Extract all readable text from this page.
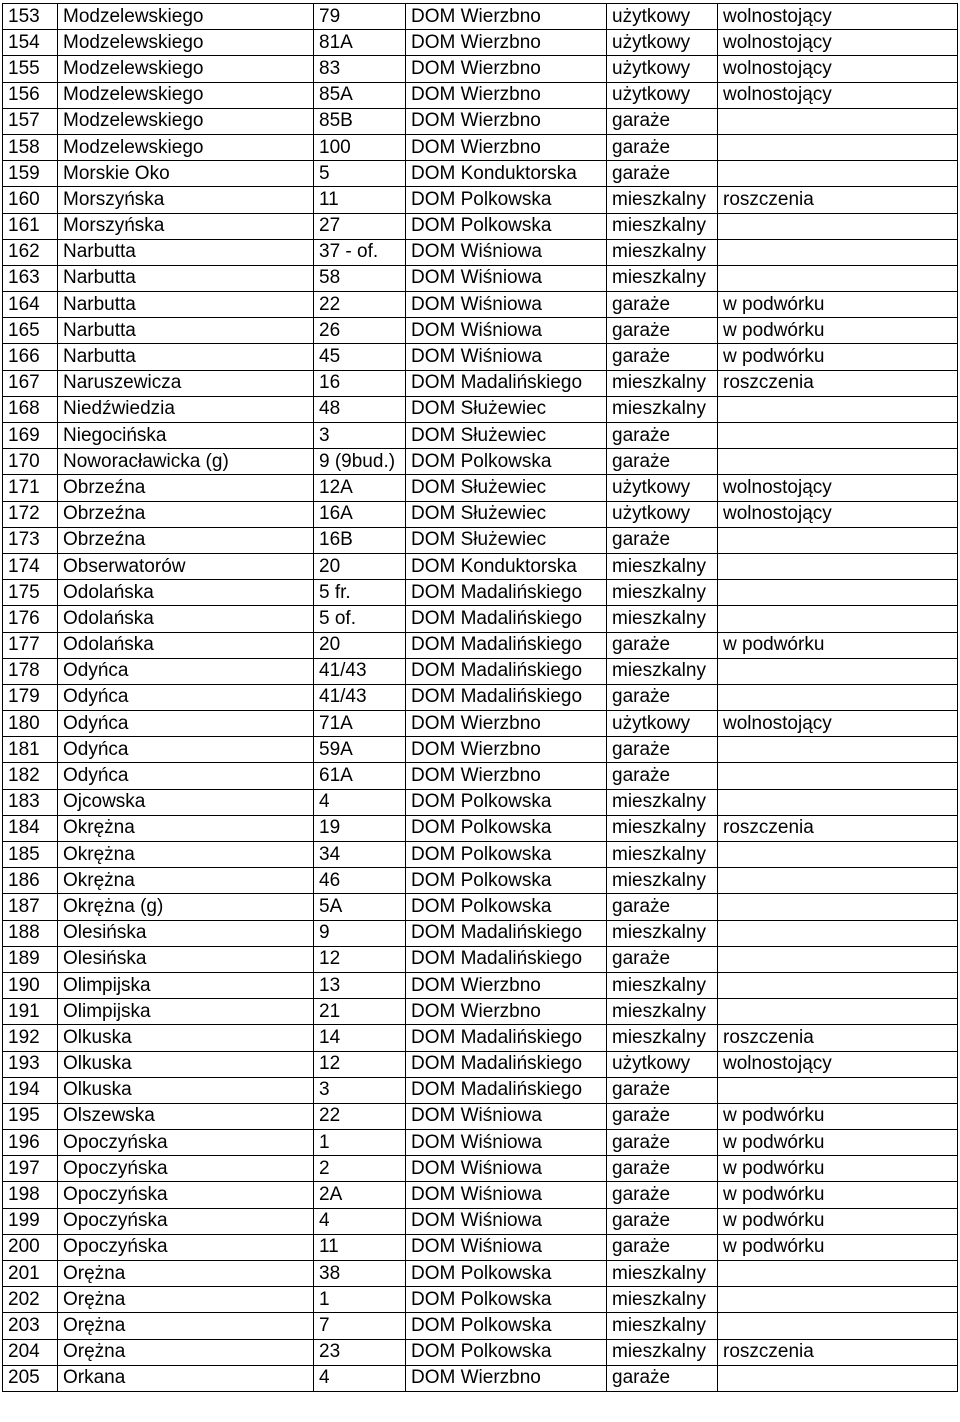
153	Modzelewskiego	79	DOM Wierzbno	użytkowy	wolnostojący
154	Modzelewskiego	81A	DOM Wierzbno	użytkowy	wolnostojący
155	Modzelewskiego	83	DOM Wierzbno	użytkowy	wolnostojący
156	Modzelewskiego	85A	DOM Wierzbno	użytkowy	wolnostojący
157	Modzelewskiego	85B	DOM Wierzbno	garaże	
158	Modzelewskiego	100	DOM Wierzbno	garaże	
159	Morskie Oko	5	DOM Konduktorska	garaże	
160	Morszyńska	11	DOM Polkowska	mieszkalny	roszczenia
161	Morszyńska	27	DOM Polkowska	mieszkalny	
162	Narbutta	37 - of.	DOM Wiśniowa	mieszkalny	
163	Narbutta	58	DOM Wiśniowa	mieszkalny	
164	Narbutta	22	DOM Wiśniowa	garaże	w podwórku
165	Narbutta	26	DOM Wiśniowa	garaże	w podwórku
166	Narbutta	45	DOM Wiśniowa	garaże	w podwórku
167	Naruszewicza	16	DOM Madalińskiego	mieszkalny	roszczenia
168	Niedźwiedzia	48	DOM Służewiec	mieszkalny	
169	Niegocińska	3	DOM Służewiec	garaże	
170	Noworacławicka (g)	9 (9bud.)	DOM Polkowska	garaże	
171	Obrzeźna	12A	DOM Służewiec	użytkowy	wolnostojący
172	Obrzeźna	16A	DOM Służewiec	użytkowy	wolnostojący
173	Obrzeźna	16B	DOM Służewiec	garaże	
174	Obserwatorów	20	DOM Konduktorska	mieszkalny	
175	Odolańska	5 fr.	DOM Madalińskiego	mieszkalny	
176	Odolańska	5 of.	DOM Madalińskiego	mieszkalny	
177	Odolańska	20	DOM Madalińskiego	garaże	w podwórku
178	Odyńca	41/43	DOM Madalińskiego	mieszkalny	
179	Odyńca	41/43	DOM Madalińskiego	garaże	
180	Odyńca	71A	DOM Wierzbno	użytkowy	wolnostojący
181	Odyńca	59A	DOM Wierzbno	garaże	
182	Odyńca	61A	DOM Wierzbno	garaże	
183	Ojcowska	4	DOM Polkowska	mieszkalny	
184	Okrężna	19	DOM Polkowska	mieszkalny	roszczenia
185	Okrężna	34	DOM Polkowska	mieszkalny	
186	Okrężna	46	DOM Polkowska	mieszkalny	
187	Okrężna (g)	5A	DOM Polkowska	garaże	
188	Olesińska	9	DOM Madalińskiego	mieszkalny	
189	Olesińska	12	DOM Madalińskiego	garaże	
190	Olimpijska	13	DOM Wierzbno	mieszkalny	
191	Olimpijska	21	DOM Wierzbno	mieszkalny	
192	Olkuska	14	DOM Madalińskiego	mieszkalny	roszczenia
193	Olkuska	12	DOM Madalińskiego	użytkowy	wolnostojący
194	Olkuska	3	DOM Madalińskiego	garaże	
195	Olszewska	22	DOM Wiśniowa	garaże	w podwórku
196	Opoczyńska	1	DOM Wiśniowa	garaże	w podwórku
197	Opoczyńska	2	DOM Wiśniowa	garaże	w podwórku
198	Opoczyńska	2A	DOM Wiśniowa	garaże	w podwórku
199	Opoczyńska	4	DOM Wiśniowa	garaże	w podwórku
200	Opoczyńska	11	DOM Wiśniowa	garaże	w podwórku
201	Orężna	38	DOM Polkowska	mieszkalny	
202	Orężna	1	DOM Polkowska	mieszkalny	
203	Orężna	7	DOM Polkowska	mieszkalny	
204	Orężna	23	DOM Polkowska	mieszkalny	roszczenia
205	Orkana	4	DOM Wierzbno	garaże	
